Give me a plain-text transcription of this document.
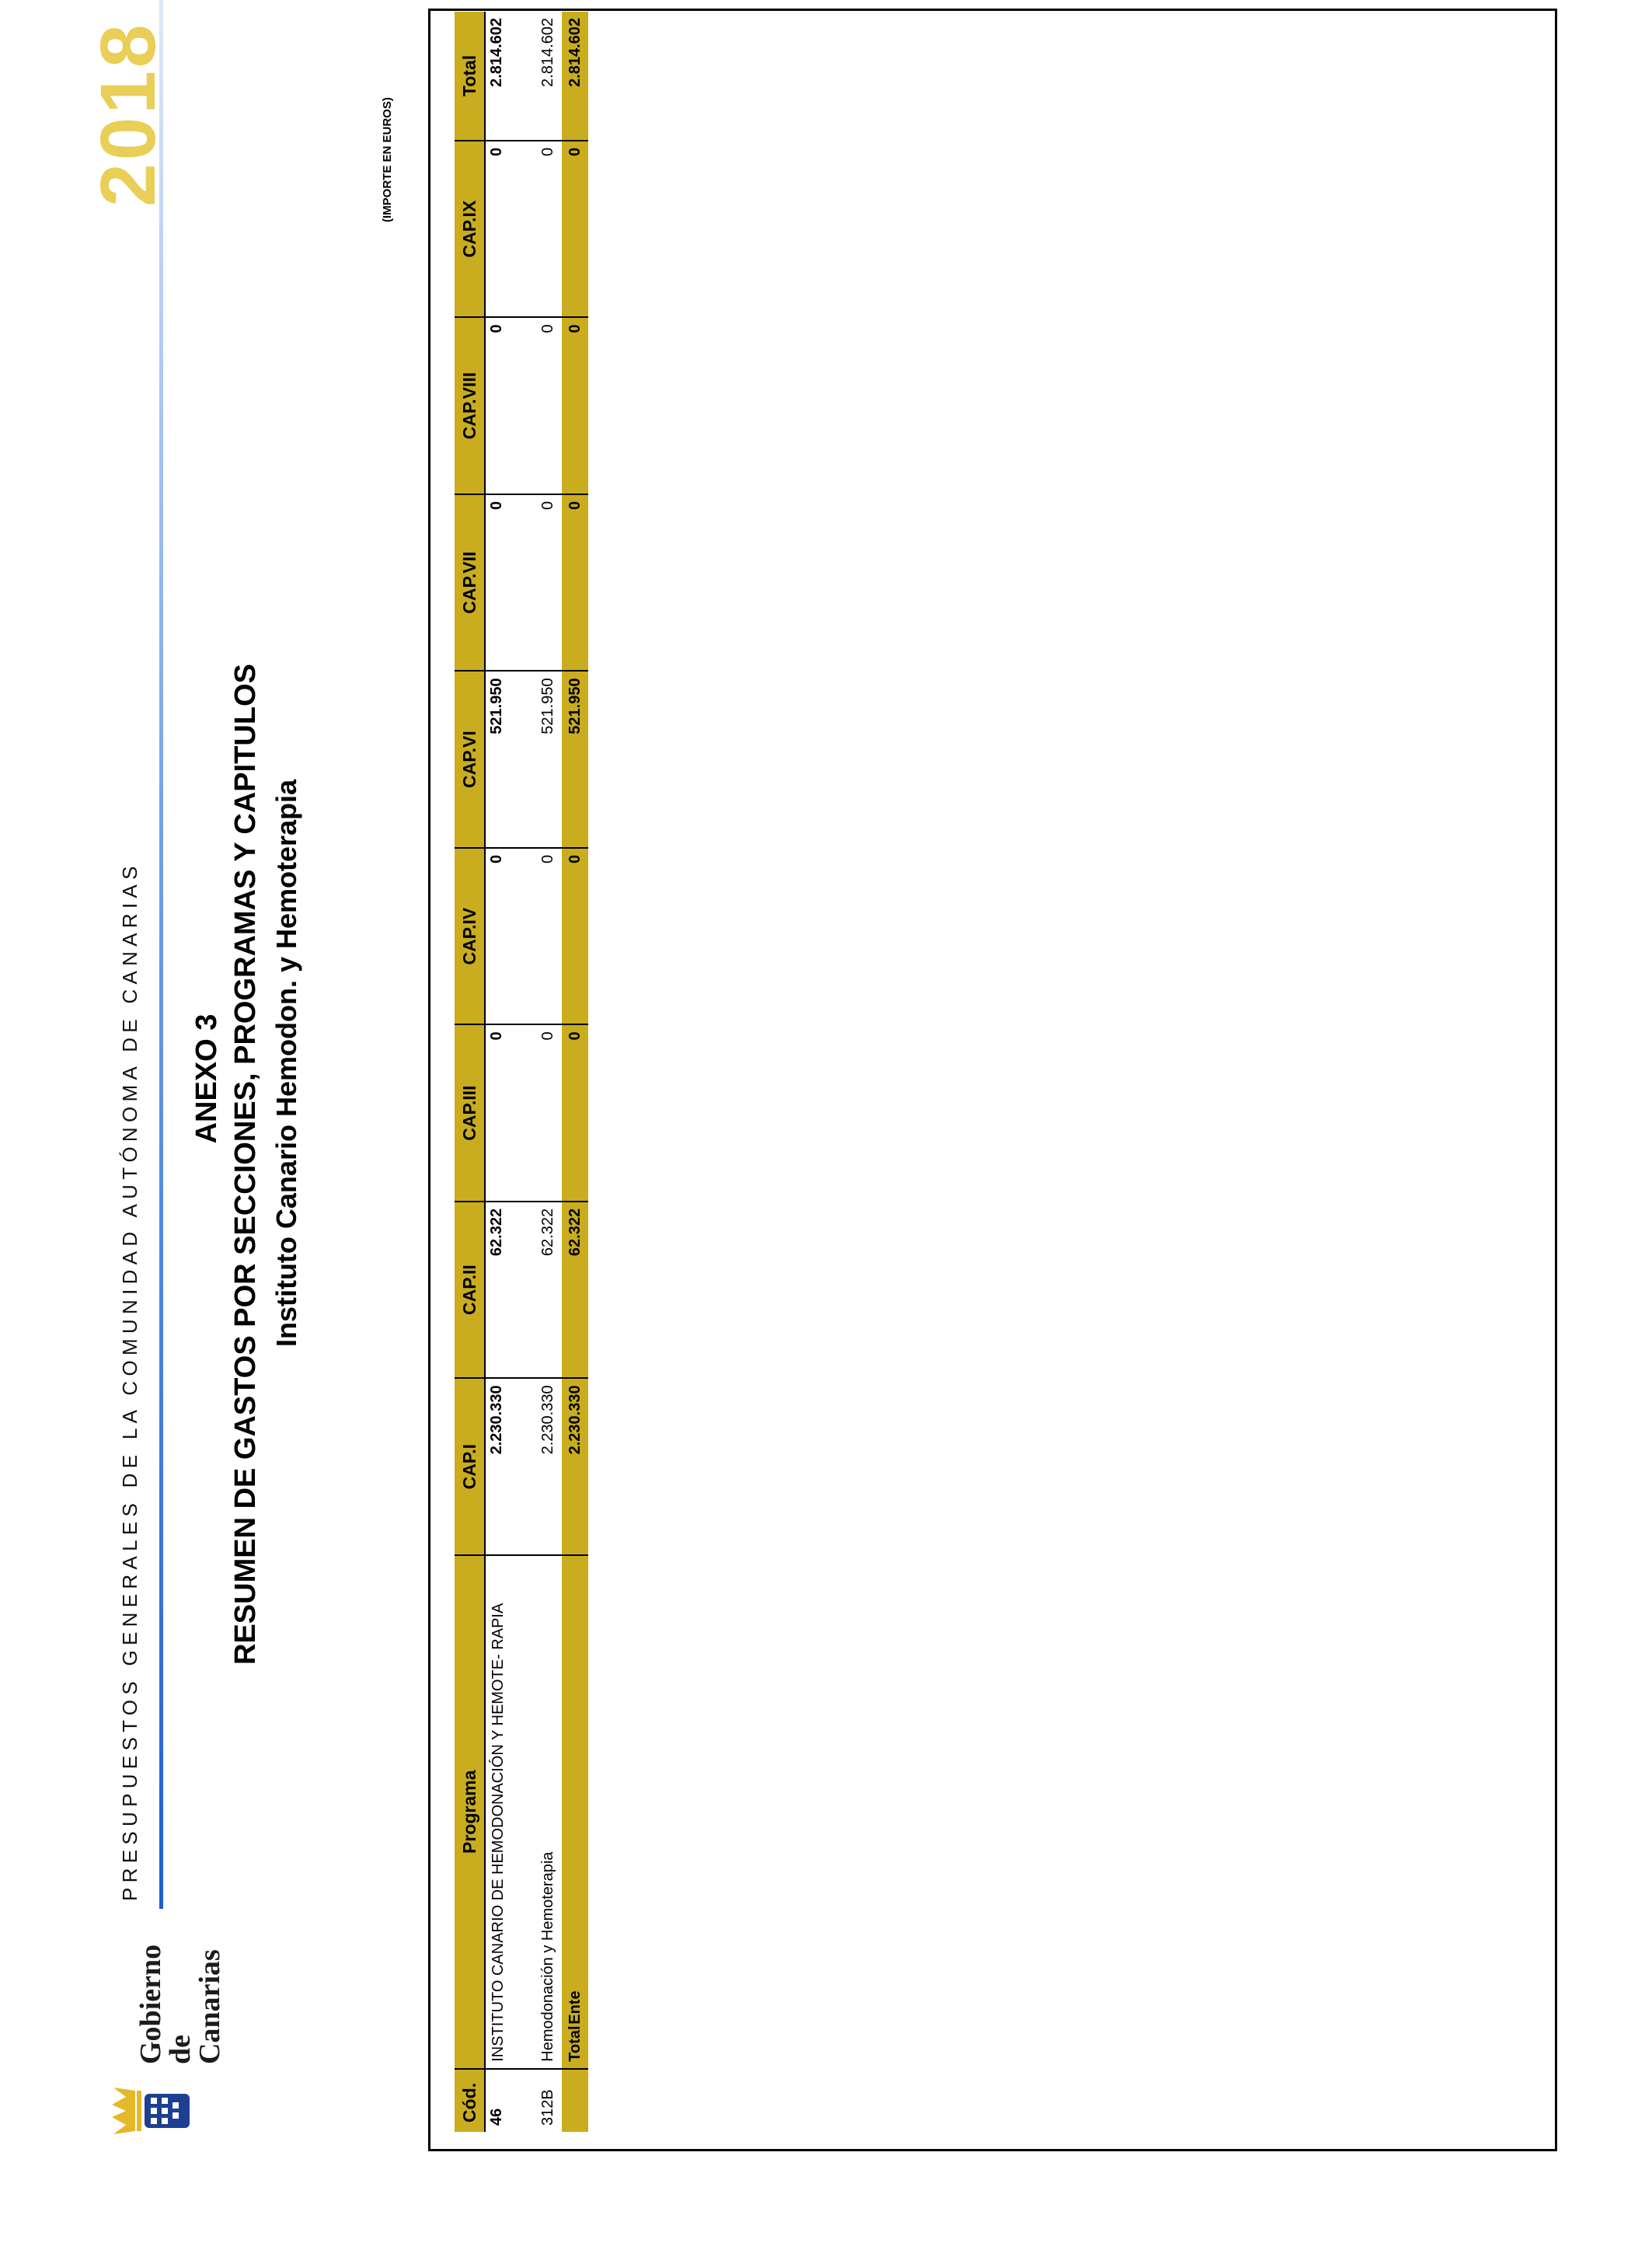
Gobierno
de Canarias
PRESUPUESTOS GENERALES DE LA COMUNIDAD AUTÓNOMA DE CANARIAS
2018
ANEXO 3 RESUMEN DE GASTOS POR SECCIONES, PROGRAMAS Y CAPITULOS Instituto Canario Hemodon. y Hemoterapia
(IMPORTE EN EUROS)
Cód.	Programa	CAP.I	CAP.II	CAP.III	CAP.IV	CAP.VI	CAP.VII	CAP.VIII	CAP.IX	Total
46	INSTITUTO CANARIO DE HEMODONACIÓN Y HEMOTE- RAPIA	2.230.330	62.322	0	0	521.950	0	0	0	2.814.602
312B	Hemodonación y Hemoterapia	2.230.330	62.322	0	0	521.950	0	0	0	2.814.602
	TotalEnte	2.230.330	62.322	0	0	521.950	0	0	0	2.814.602
